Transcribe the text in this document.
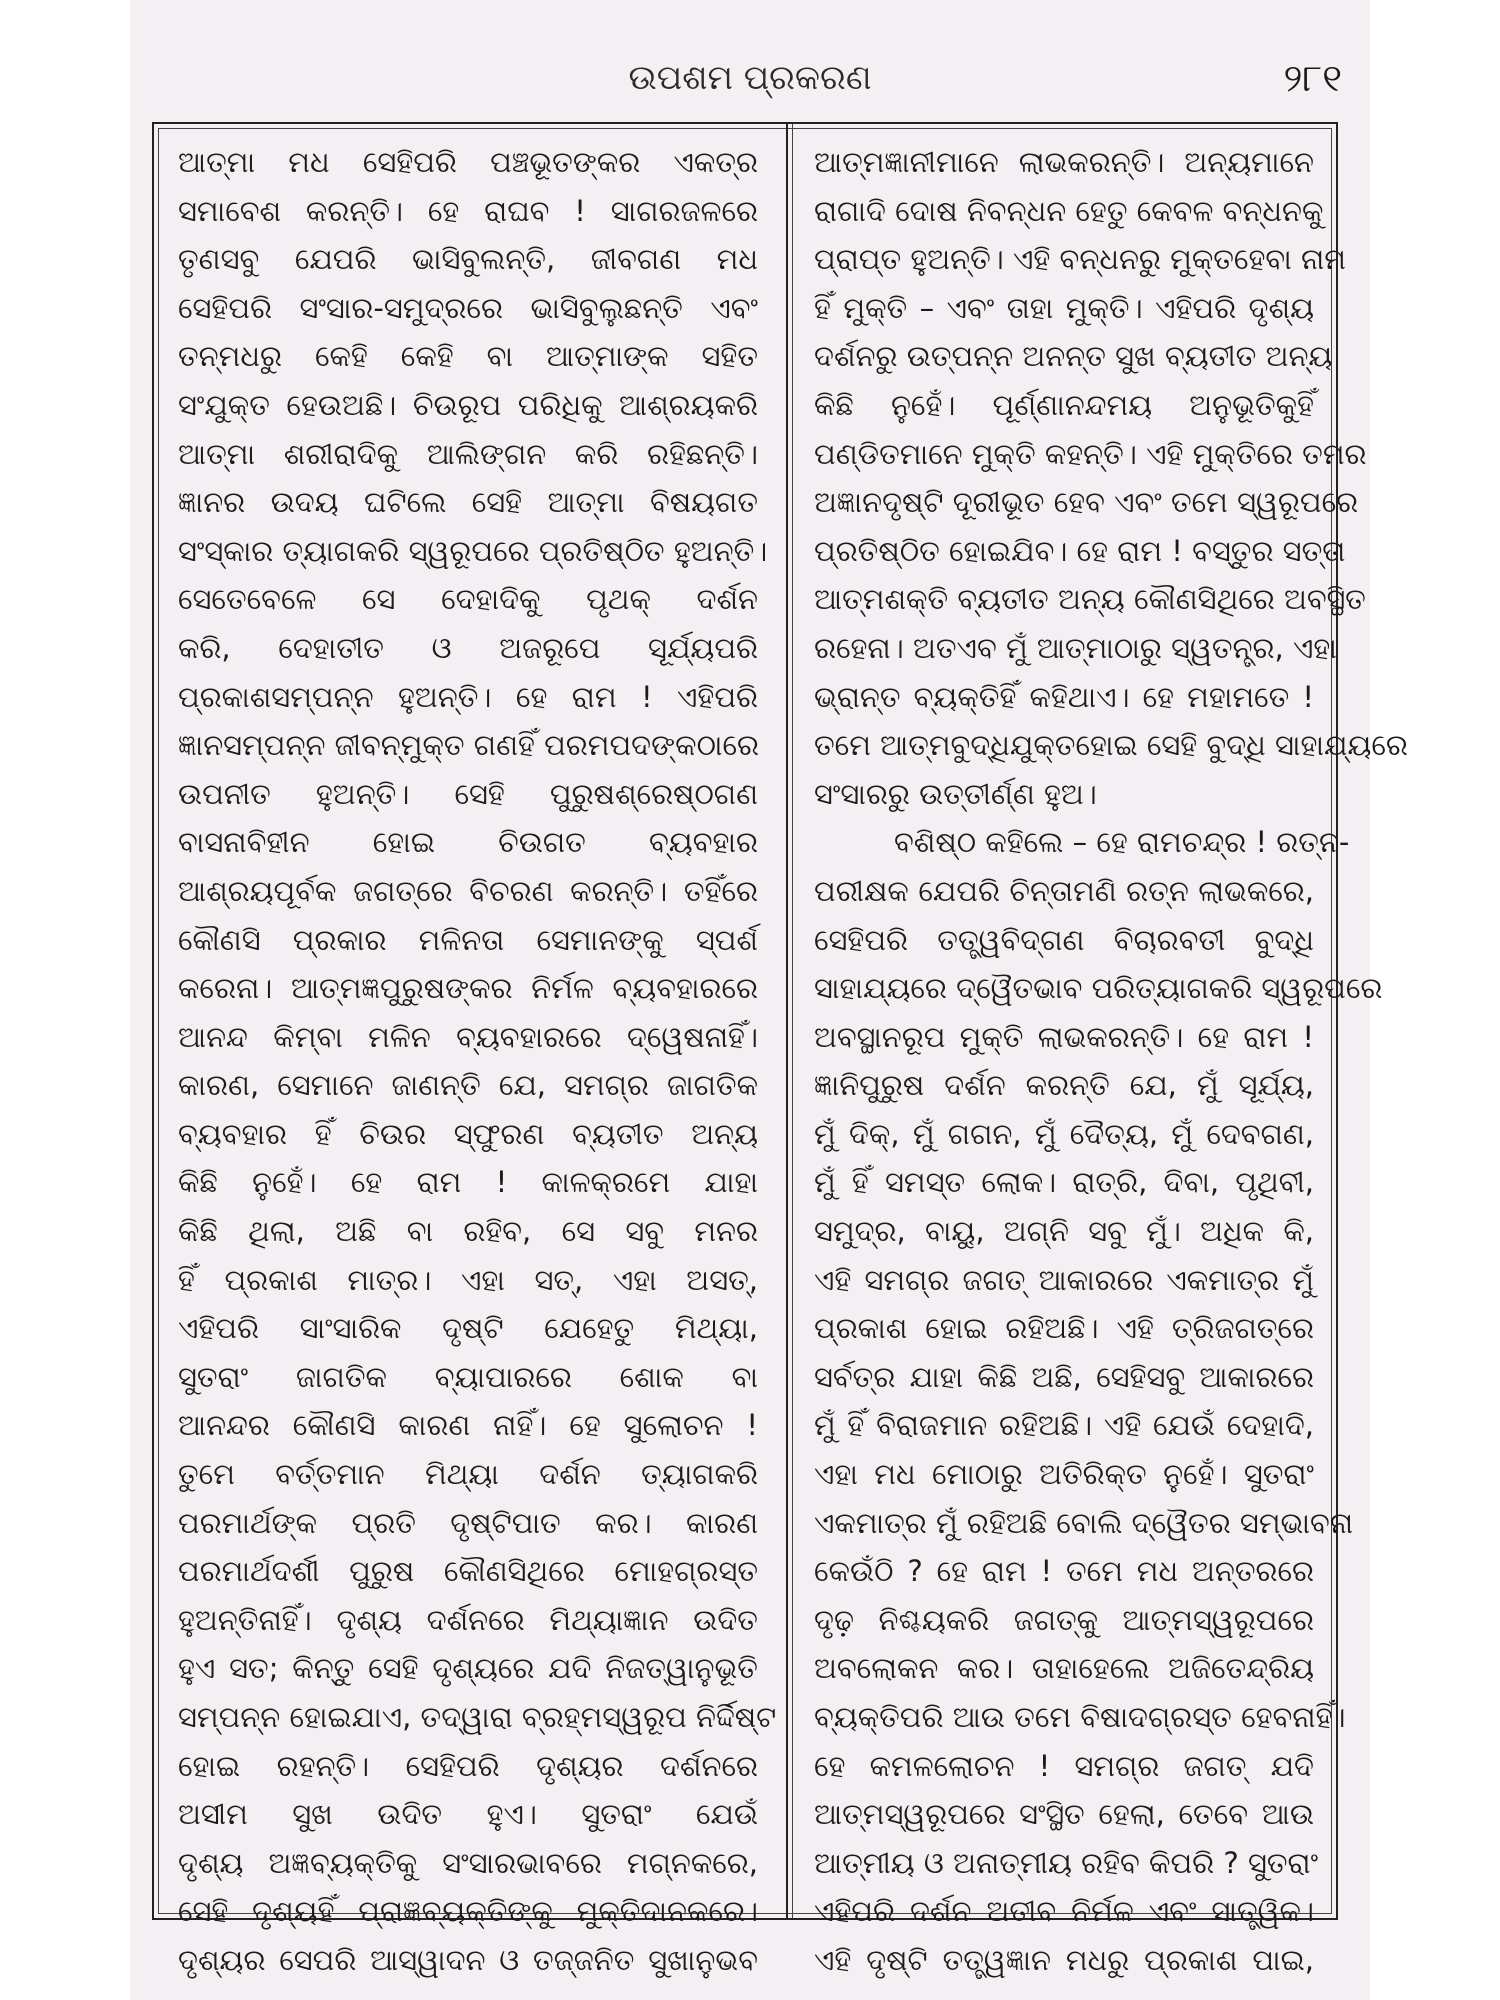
ଉପଶମ ପ୍ରକରଣ	୨୮୧
ଆତ୍ମା ମଧ ସେହିପରି ପଞ୍ଚଭୂତଙ୍କର ଏକତ୍ର
ସମାବେଶ କରନ୍ତି। ହେ ରାଘବ ! ସାଗରଜଳରେ
ତୃଣସବୁ ଯେପରି ଭାସିବୁଲନ୍ତି, ଜୀବଗଣ ମଧ
ସେହିପରି ସଂସାର-ସମୁଦ୍ରରେ ଭାସିବୁଲୁଛନ୍ତି ଏବଂ
ତନ୍ମଧରୁ କେହି କେହି ବା ଆତ୍ମାଙ୍କ ସହିତ
ସଂଯୁକ୍ତ ହେଉଅଛି। ଚିଉରୂପ ପରିଧିକୁ ଆଶ୍ରୟକରି
ଆତ୍ମା ଶରୀରାଦିକୁ ଆଲିଙ୍ଗନ କରି ରହିଛନ୍ତି।
ଜ୍ଞାନର ଉଦୟ ଘଟିଲେ ସେହି ଆତ୍ମା ବିଷୟଗତ
ସଂସ୍କାର ତ୍ୟାଗକରି ସ୍ୱରୂପରେ ପ୍ରତିଷ୍ଠିତ ହୁଅନ୍ତି।
ସେତେବେଳେ ସେ ଦେହାଦିକୁ ପୃଥକ୍ ଦର୍ଶନ
କରି, ଦେହାତୀତ ଓ ଅଜରୂପେ ସୂର୍ଯ୍ୟପରି
ପ୍ରକାଶସମ୍ପନ୍ନ ହୁଅନ୍ତି। ହେ ରାମ ! ଏହିପରି
ଜ୍ଞାନସମ୍ପନ୍ନ ଜୀବନ୍ମୁକ୍ତ ଗଣହିଁ ପରମପଦଙ୍କଠାରେ
ଉପନୀତ ହୁଅନ୍ତି। ସେହି ପୁରୁଷଶ୍ରେଷ୍ଠଗଣ
ବାସନାବିହୀନ ହୋଇ ଚିଉଗତ ବ୍ୟବହାର
ଆଶ୍ରୟପୂର୍ବକ ଜଗତ୍‌ରେ ବିଚରଣ କରନ୍ତି। ତହିଁରେ
କୌଣସି ପ୍ରକାର ମଳିନତା ସେମାନଙ୍କୁ ସ୍ପର୍ଶ
କରେନା। ଆତ୍ମଜ୍ଞପୁରୁଷଙ୍କର ନିର୍ମଳ ବ୍ୟବହାରରେ
ଆନନ୍ଦ କିମ୍ବା ମଳିନ ବ୍ୟବହାରରେ ଦ୍ୱେଷନାହିଁ।
କାରଣ, ସେମାନେ ଜାଣନ୍ତି ଯେ, ସମଗ୍ର ଜାଗତିକ
ବ୍ୟବହାର ହିଁ ଚିଉର ସ୍ଫୁରଣ ବ୍ୟତୀତ ଅନ୍ୟ
କିଛି ନୁହେଁ। ହେ ରାମ ! କାଳକ୍ରମେ ଯାହା
କିଛି ଥିଲା, ଅଛି ବା ରହିବ, ସେ ସବୁ ମନର
ହିଁ ପ୍ରକାଶ ମାତ୍ର। ଏହା ସତ୍, ଏହା ଅସତ୍,
ଏହିପରି ସାଂସାରିକ ଦୃଷ୍ଟି ଯେହେତୁ ମିଥ୍ୟା,
ସୁତରାଂ ଜାଗତିକ ବ୍ୟାପାରରେ ଶୋକ ବା
ଆନନ୍ଦର କୌଣସି କାରଣ ନାହିଁ। ହେ ସୁଲୋଚନ !
ତୁମେ ବର୍ତ୍ତମାନ ମିଥ୍ୟା ଦର୍ଶନ ତ୍ୟାଗକରି
ପରମାର୍ଥଙ୍କ ପ୍ରତି ଦୃଷ୍ଟିପାତ କର। କାରଣ
ପରମାର୍ଥଦର୍ଶୀ ପୁରୁଷ କୌଣସିଥିରେ ମୋହଗ୍ରସ୍ତ
ହୁଅନ୍ତିନାହିଁ। ଦୃଶ୍ୟ ଦର୍ଶନରେ ମିଥ୍ୟାଜ୍ଞାନ ଉଦିତ
ହୁଏ ସତ; କିନ୍ତୁ ସେହି ଦୃଶ୍ୟରେ ଯଦି ନିଜତ୍ୱାନୁଭୂତି
ସମ୍ପନ୍ନ ହୋଇଯାଏ, ତଦ୍ୱାରା ବ୍ରହ୍ମସ୍ୱରୂପ ନିର୍ଦ୍ଦିଷ୍ଟ
ହୋଇ ରହନ୍ତି। ସେହିପରି ଦୃଶ୍ୟର ଦର୍ଶନରେ
ଅସୀମ ସୁଖ ଉଦିତ ହୁଏ। ସୁତରାଂ ଯେଉଁ
ଦୃଶ୍ୟ ଅଜ୍ଞବ୍ୟକ୍ତିକୁ ସଂସାରଭାବରେ ମଗ୍ନକରେ,
ସେହି ଦୃଶ୍ୟହିଁ ପ୍ରାଜ୍ଞବ୍ୟକ୍ତିଙ୍କୁ ମୁକ୍ତିଦାନକରେ।
ଦୃଶ୍ୟର ସେପରି ଆସ୍ୱାଦନ ଓ ତଜ୍ଜନିତ ସୁଖାନୁଭବ
ଆତ୍ମଜ୍ଞାନୀମାନେ ଲାଭକରନ୍ତି। ଅନ୍ୟମାନେ
ରାଗାଦି ଦୋଷ ନିବନ୍ଧନ ହେତୁ କେବଳ ବନ୍ଧନକୁ
ପ୍ରାପ୍ତ ହୁଅନ୍ତି। ଏହି ବନ୍ଧନରୁ ମୁକ୍ତହେବା ନାମ
ହିଁ ମୁକ୍ତି – ଏବଂ ତାହା ମୁକ୍ତି। ଏହିପରି ଦୃଶ୍ୟ
ଦର୍ଶନରୁ ଉତ୍ପନ୍ନ ଅନନ୍ତ ସୁଖ ବ୍ୟତୀତ ଅନ୍ୟ
କିଛି ନୁହେଁ। ପୂର୍ଣ୍ଣାନନ୍ଦମୟ ଅନୁଭୂତିକୁହିଁ
ପଣ୍ଡିତମାନେ ମୁକ୍ତି କହନ୍ତି। ଏହି ମୁକ୍ତିରେ ତମର
ଅଜ୍ଞାନଦୃଷ୍ଟି ଦୂରୀଭୂତ ହେବ ଏବଂ ତମେ ସ୍ୱରୂପରେ
ପ୍ରତିଷ୍ଠିତ ହୋଇଯିବ। ହେ ରାମ ! ବସ୍ତୁର ସତ୍ତା
ଆତ୍ମଶକ୍ତି ବ୍ୟତୀତ ଅନ୍ୟ କୌଣସିଥିରେ ଅବସ୍ଥିତ
ରହେନା। ଅତଏବ ମୁଁ ଆତ୍ମାଠାରୁ ସ୍ୱତନ୍ତ୍ର, ଏହା
ଭ୍ରାନ୍ତ ବ୍ୟକ୍ତିହିଁ କହିଥାଏ। ହେ ମହାମତେ !
ତମେ ଆତ୍ମବୁଦ୍ଧିଯୁକ୍ତହୋଇ ସେହି ବୁଦ୍ଧି ସାହାଯ୍ୟରେ
ସଂସାରରୁ ଉତ୍ତୀର୍ଣ୍ଣ ହୁଅ।
ବଶିଷ୍ଠ କହିଲେ – ହେ ରାମଚନ୍ଦ୍ର ! ରତ୍ନ-
ପରୀକ୍ଷକ ଯେପରି ଚିନ୍ତାମଣି ରତ୍ନ ଲାଭକରେ,
ସେହିପରି ତତ୍ତ୍ୱବିଦ୍‌ଗଣ ବିଚାରବତୀ ବୁଦ୍ଧି
ସାହାଯ୍ୟରେ ଦ୍ୱୈତଭାବ ପରିତ୍ୟାଗକରି ସ୍ୱରୂପରେ
ଅବସ୍ଥାନରୂପ ମୁକ୍ତି ଲାଭକରନ୍ତି। ହେ ରାମ !
ଜ୍ଞାନିପୁରୁଷ ଦର୍ଶନ କରନ୍ତି ଯେ, ମୁଁ ସୂର୍ଯ୍ୟ,
ମୁଁ ଦିକ୍, ମୁଁ ଗଗନ, ମୁଁ ଦୈତ୍ୟ, ମୁଁ ଦେବଗଣ,
ମୁଁ ହିଁ ସମସ୍ତ ଲୋକ। ରାତ୍ରି, ଦିବା, ପୃଥିବୀ,
ସମୁଦ୍ର, ବାୟୁ, ଅଗ୍ନି ସବୁ ମୁଁ। ଅଧିକ କି,
ଏହି ସମଗ୍ର ଜଗତ୍ ଆକାରରେ ଏକମାତ୍ର ମୁଁ
ପ୍ରକାଶ ହୋଇ ରହିଅଛି। ଏହି ତ୍ରିଜଗତ୍‌ରେ
ସର୍ବତ୍ର ଯାହା କିଛି ଅଛି, ସେହିସବୁ ଆକାରରେ
ମୁଁ ହିଁ ବିରାଜମାନ ରହିଅଛି। ଏହି ଯେଉଁ ଦେହାଦି,
ଏହା ମଧ ମୋଠାରୁ ଅତିରିକ୍ତ ନୁହେଁ। ସୁତରାଂ
ଏକମାତ୍ର ମୁଁ ରହିଅଛି ବୋଲି ଦ୍ୱୈତର ସମ୍ଭାବନା
କେଉଁଠି ? ହେ ରାମ ! ତମେ ମଧ ଅନ୍ତରରେ
ଦୃଢ଼ ନିଶ୍ଚୟକରି ଜଗତ୍‌କୁ ଆତ୍ମସ୍ୱରୂପରେ
ଅବଲୋକନ କର। ତାହାହେଲେ ଅଜିତେନ୍ଦ୍ରିୟ
ବ୍ୟକ୍ତିପରି ଆଉ ତମେ ବିଷାଦଗ୍ରସ୍ତ ହେବନାହିଁ।
ହେ କମଳଲୋଚନ ! ସମଗ୍ର ଜଗତ୍ ଯଦି
ଆତ୍ମସ୍ୱରୂପରେ ସଂସ୍ଥିତ ହେଲା, ତେବେ ଆଉ
ଆତ୍ମୀୟ ଓ ଅନାତ୍ମୀୟ ରହିବ କିପରି ? ସୁତରାଂ
ଏହିପରି ଦର୍ଶନ ଅତୀବ ନିର୍ମଳ ଏବଂ ସାତ୍ତ୍ୱିକ।
ଏହି ଦୃଷ୍ଟି ତତ୍ତ୍ୱଜ୍ଞାନ ମଧରୁ ପ୍ରକାଶ ପାଇ,
